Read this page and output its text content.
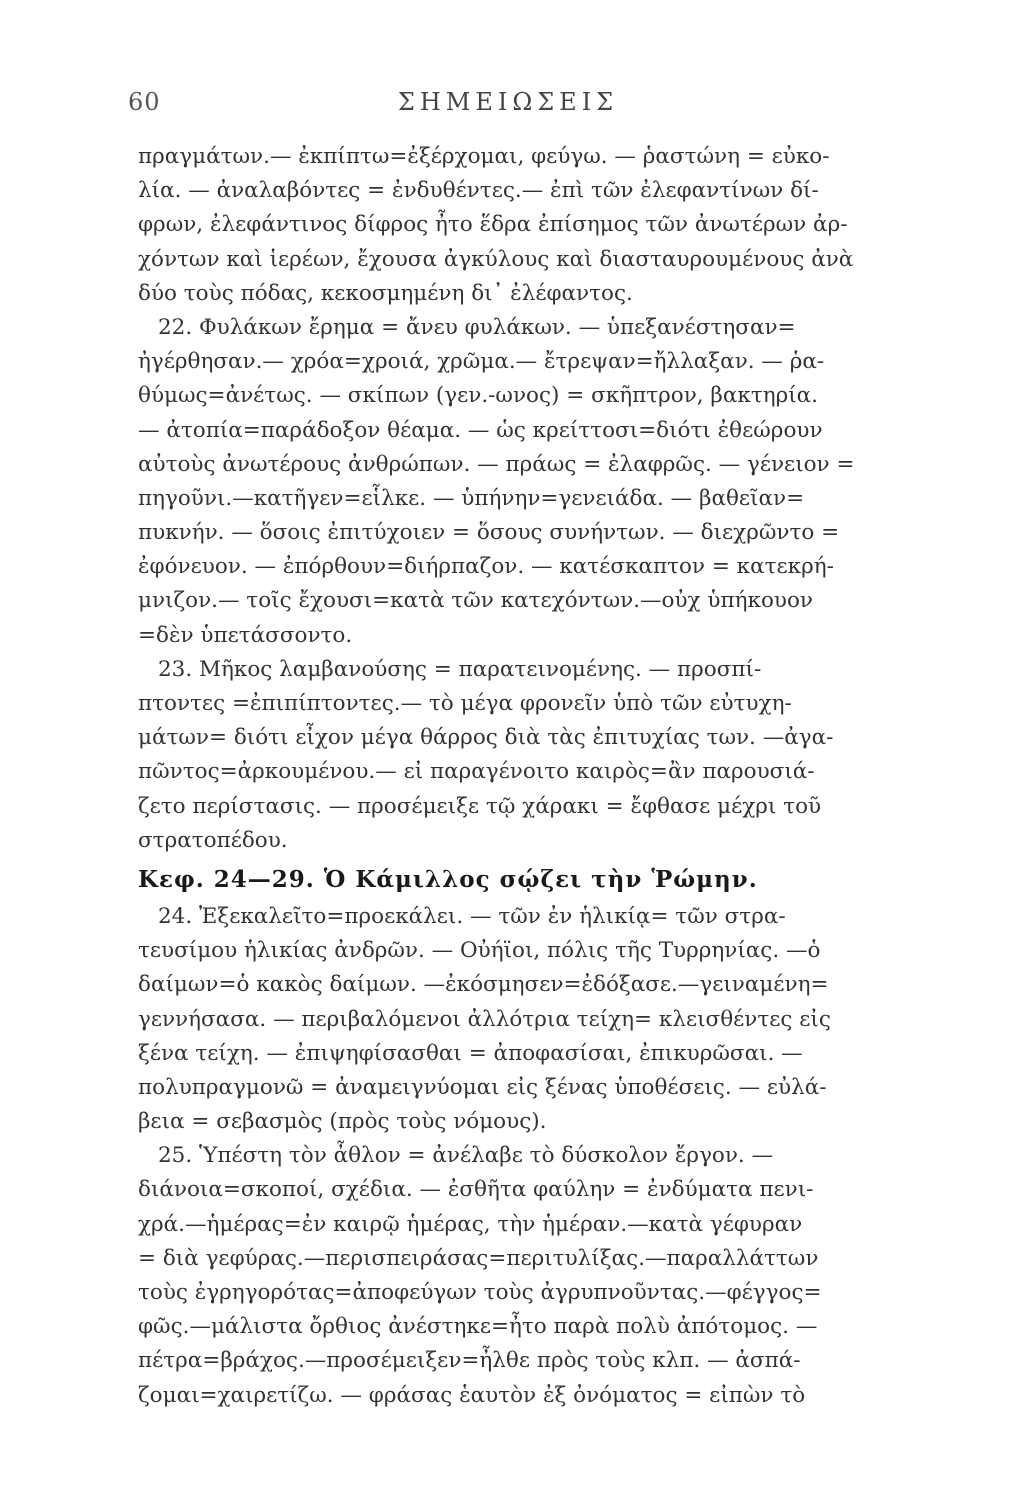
60	ΣΗΜΕΙΩΣΕΙΣ
πραγμάτων.— ἐκπίπτω=ἐξέρχομαι, φεύγω. — ῥαστώνη = εὐκο-
λία. — ἀναλαβόντες = ἐνδυθέντες.— ἐπὶ τῶν ἐλεφαντίνων δί-
φρων, ἐλεφάντινος δίφρος ἦτο ἕδρα ἐπίσημος τῶν ἀνωτέρων ἀρ-
χόντων καὶ ἱερέων, ἔχουσα ἀγκύλους καὶ διασταυρουμένους ἀνὰ
δύο τοὺς πόδας, κεκοσμημένη δι᾽ ἐλέφαντος.
22. Φυλάκων ἔρημα = ἄνευ φυλάκων. — ὑπεξανέστησαν=
ἠγέρθησαν.— χρόα=χροιά, χρῶμα.— ἔτρεψαν=ἤλλαξαν. — ῥα-
θύμως=ἀνέτως. — σκίπων (γεν.-ωνος) = σκῆπτρον, βακτηρία.
— ἀτοπία=παράδοξον θέαμα. — ὡς κρείττοσι=διότι ἐθεώρουν
αὐτοὺς ἀνωτέρους ἀνθρώπων. — πράως = ἐλαφρῶς. — γένειον =
πηγοῦνι.—κατῆγεν=εἷλκε. — ὑπήνην=γενειάδα. — βαθεῖαν=
πυκνήν. — ὅσοις ἐπιτύχοιεν = ὅσους συνήντων. — διεχρῶντο =
ἐφόνευον. — ἐπόρθουν=διήρπαζον. — κατέσκαπτον = κατεκρή-
μνιζον.— τοῖς ἔχουσι=κατὰ τῶν κατεχόντων.—οὐχ ὑπήκουον
=δὲν ὑπετάσσοντο.
23. Μῆκος λαμβανούσης = παρατεινομένης. — προσπί-
πτοντες =ἐπιπίπτοντες.— τὸ μέγα φρονεῖν ὑπὸ τῶν εὐτυχη-
μάτων= διότι εἶχον μέγα θάρρος διὰ τὰς ἐπιτυχίας των. —ἀγα-
πῶντος=ἀρκουμένου.— εἰ παραγένοιτο καιρὸς=ἂν παρουσιά-
ζετο περίστασις. — προσέμειξε τῷ χάρακι = ἔφθασε μέχρι τοῦ
στρατοπέδου.
Κεφ. 24—29. Ὁ Κάμιλλος σῴζει τὴν Ῥώμην.
24. Ἐξεκαλεῖτο=προεκάλει. — τῶν ἐν ἡλικίᾳ= τῶν στρα-
τευσίμου ἡλικίας ἀνδρῶν. — Οὐήϊοι, πόλις τῆς Τυρρηνίας. —ὁ
δαίμων=ὁ κακὸς δαίμων. —ἐκόσμησεν=ἐδόξασε.—γειναμένη=
γεννήσασα. — περιβαλόμενοι ἀλλότρια τείχη= κλεισθέντες εἰς
ξένα τείχη. — ἐπιψηφίσασθαι = ἀποφασίσαι, ἐπικυρῶσαι. —
πολυπραγμονῶ = ἀναμειγνύομαι εἰς ξένας ὑποθέσεις. — εὐλά-
βεια = σεβασμὸς (πρὸς τοὺς νόμους).
25. Ὑπέστη τὸν ἆθλον = ἀνέλαβε τὸ δύσκολον ἔργον. —
διάνοια=σκοποί, σχέδια. — ἐσθῆτα φαύλην = ἐνδύματα πενι-
χρά.—ἡμέρας=ἐν καιρῷ ἡμέρας, τὴν ἡμέραν.—κατὰ γέφυραν
= διὰ γεφύρας.—περισπειράσας=περιτυλίξας.—παραλλάττων
τοὺς ἐγρηγορότας=ἀποφεύγων τοὺς ἀγρυπνοῦντας.—φέγγος=
φῶς.—μάλιστα ὄρθιος ἀνέστηκε=ἦτο παρὰ πολὺ ἀπότομος. —
πέτρα=βράχος.—προσέμειξεν=ἦλθε πρὸς τοὺς κλπ. — ἀσπά-
ζομαι=χαιρετίζω. — φράσας ἑαυτὸν ἐξ ὀνόματος = εἰπὼν τὸ
